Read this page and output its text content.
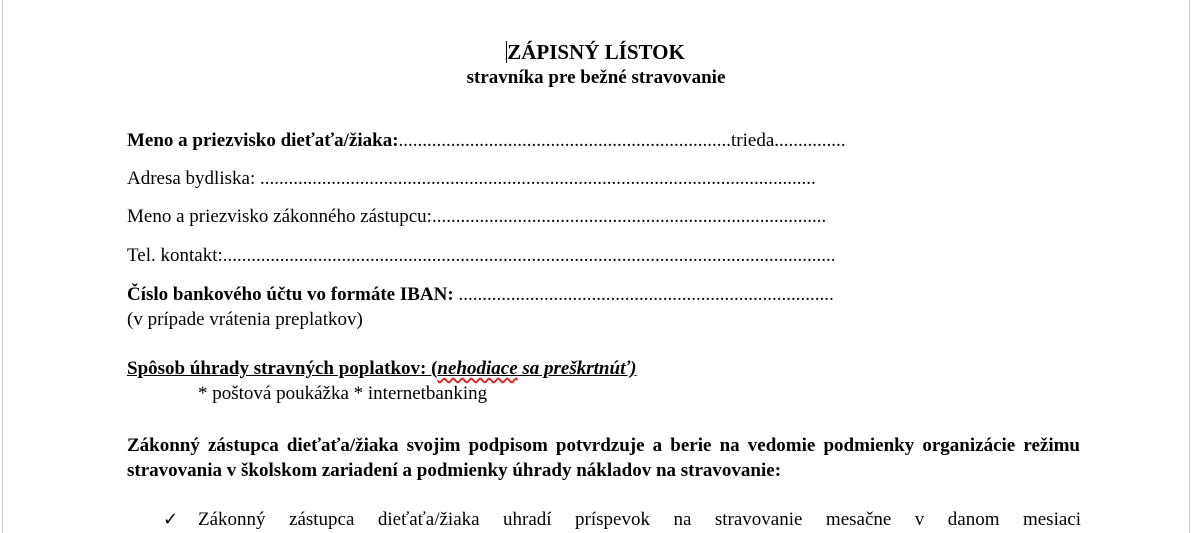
ZÁPISNÝ LÍSTOK
stravníka pre bežné stravovanie
Meno a priezvisko dieťaťa/žiaka:......................................................................trieda...............
Adresa bydliska: .....................................................................................................................
Meno a priezvisko zákonného zástupcu:...................................................................................
Tel. kontakt:.................................................................................................................................
Číslo bankového účtu vo formáte IBAN: ...............................................................................
(v prípade vrátenia preplatkov)
Spôsob úhrady stravných poplatkov: (nehodiace sa preškrtnúť)
* poštová poukážka * internetbanking
Zákonný zástupca dieťaťa/žiaka svojim podpisom potvrdzuje a berie na vedomie podmienky organizácie režimu stravovania v školskom zariadení a podmienky úhrady nákladov na stravovanie:
✓ Zákonný zástupca dieťaťa/žiaka uhradí príspevok na stravovanie mesačne v danom mesiaci
